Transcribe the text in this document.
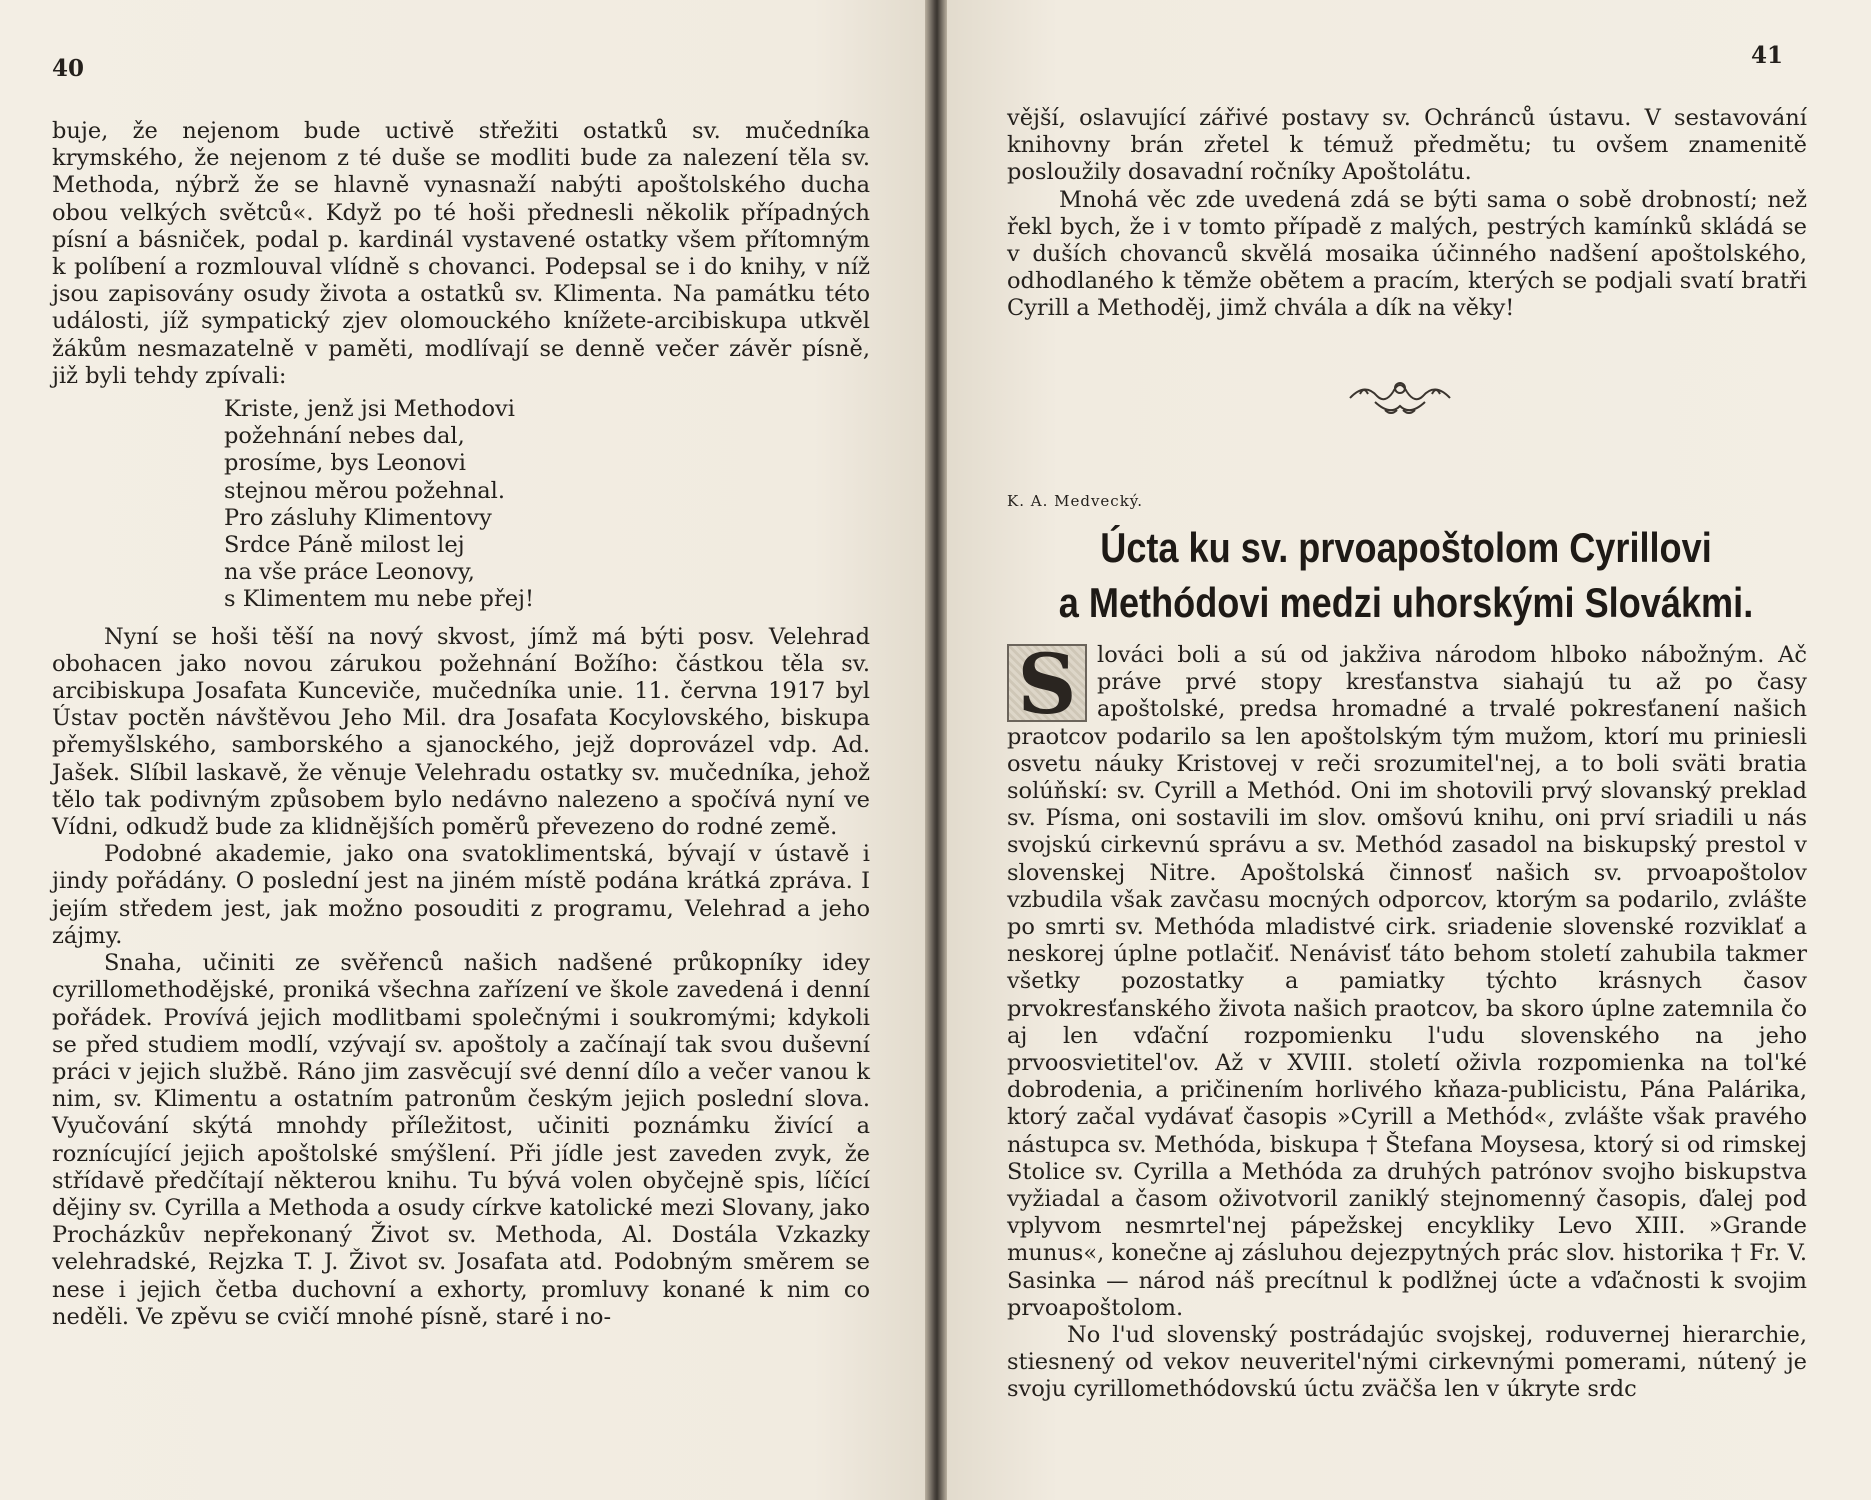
40

buje, že nejenom bude uctivě střežiti ostatků sv. mučedníka krymského, že nejenom z té duše se modliti bude za nalezení těla sv. Methoda, nýbrž že se hlavně vynasnaží nabýti apoštolského ducha obou velkých světců«. Když po té hoši přednesli několik případných písní a básniček, podal p. kardinál vystavené ostatky všem přítomným k políbení a rozmlouval vlídně s chovanci. Podepsal se i do knihy, v níž jsou zapisovány osudy života a ostatků sv. Klimenta. Na památku této události, jíž sympatický zjev olomouckého knížete-arcibiskupa utkvěl žákům nesmazatelně v paměti, modlívají se denně večer závěr písně, již byli tehdy zpívali:

Kriste, jenž jsi Methodovi
požehnání nebes dal,
prosíme, bys Leonovi
stejnou měrou požehnal.
Pro zásluhy Klimentovy
Srdce Páně milost lej
na vše práce Leonovy,
s Klimentem mu nebe přej!

Nyní se hoši těší na nový skvost, jímž má býti posv. Velehrad obohacen jako novou zárukou požehnání Božího: částkou těla sv. arcibiskupa Josafata Kunceviče, mučedníka unie. 11. června 1917 byl Ústav poctěn návštěvou Jeho Mil. dra Josafata Kocylovského, biskupa přemyšlského, samborského a sjanockého, jejž doprovázel vdp. Ad. Jašek. Slíbil laskavě, že věnuje Velehradu ostatky sv. mučedníka, jehož tělo tak podivným způsobem bylo nedávno nalezeno a spočívá nyní ve Vídni, odkudž bude za klidnějších poměrů převezeno do rodné země.

Podobné akademie, jako ona svatoklimentská, bývají v ústavě i jindy pořádány. O poslední jest na jiném místě podána krátká zpráva. I jejím středem jest, jak možno posouditi z programu, Velehrad a jeho zájmy.

Snaha, učiniti ze svěřenců našich nadšené průkopníky idey cyrillomethodějské, proniká všechna zařízení ve škole zavedená i denní pořádek. Provívá jejich modlitbami společnými i soukromými; kdykoli se před studiem modlí, vzývají sv. apoštoly a začínají tak svou duševní práci v jejich službě. Ráno jim zasvěcují své denní dílo a večer vanou k nim, sv. Klimentu a ostatním patronům českým jejich poslední slova. Vyučování skýtá mnohdy příležitost, učiniti poznámku živící a roznícující jejich apoštolské smýšlení. Při jídle jest zaveden zvyk, že střídavě předčítají některou knihu. Tu bývá volen obyčejně spis, líčící dějiny sv. Cyrilla a Methoda a osudy církve katolické mezi Slovany, jako Procházkův nepřekonaný Život sv. Methoda, Al. Dostála Vzkazky velehradské, Rejzka T. J. Život sv. Josafata atd. Podobným směrem se nese i jejich četba duchovní a exhorty, promluvy konané k nim co neděli. Ve zpěvu se cvičí mnohé písně, staré i no-

41

vější, oslavující zářivé postavy sv. Ochránců ústavu. V sestavování knihovny brán zřetel k témuž předmětu; tu ovšem znamenitě posloužily dosavadní ročníky Apoštolátu.

Mnohá věc zde uvedená zdá se býti sama o sobě drobností; než řekl bych, že i v tomto případě z malých, pestrých kamínků skládá se v duších chovanců skvělá mosaika účinného nadšení apoštolského, odhodlaného k těmže obětem a pracím, kterých se podjali svatí bratři Cyrill a Methoděj, jimž chvála a dík na věky!

K. A. Medvecký.
Úcta ku sv. prvoapoštolom Cyrillovi
a Methódovi medzi uhorskými Slovákmi.
S lováci boli a sú od jakživa národom hlboko nábožným. Ač práve prvé stopy kresťanstva siahajú tu až po časy apoštolské, predsa hromadné a trvalé pokresťanení našich praotcov podarilo sa len apoštolským tým mužom, ktorí mu priniesli osvetu náuky Kristovej v reči srozumitel'nej, a to boli sväti bratia solúňskí: sv. Cyrill a Methód. Oni im shotovili prvý slovanský preklad sv. Písma, oni sostavili im slov. omšovú knihu, oni prví sriadili u nás svojskú cirkevnú správu a sv. Methód zasadol na biskupský prestol v slovenskej Nitre. Apoštolská činnosť našich sv. prvoapoštolov vzbudila však zavčasu mocných odporcov, ktorým sa podarilo, zvlášte po smrti sv. Methóda mladistvé cirk. sriadenie slovenské rozviklať a neskorej úplne potlačiť. Nenávisť táto behom století zahubila takmer všetky pozostatky a pamiatky týchto krásnych časov prvokresťanského života našich praotcov, ba skoro úplne zatemnila čo aj len vďační rozpomienku l'udu slovenského na jeho prvoosvietitel'ov. Až v XVIII. století oživla rozpomienka na tol'ké dobrodenia, a pričinením horlivého kňaza-publicistu, Pána Palárika, ktorý začal vydávať časopis »Cyrill a Methód«, zvlášte však pravého nástupca sv. Methóda, biskupa † Štefana Moysesa, ktorý si od rimskej Stolice sv. Cyrilla a Methóda za druhých patrónov svojho biskupstva vyžiadal a časom oživotvoril zaniklý stejnomenný časopis, ďalej pod vplyvom nesmrtel'nej pápežskej encykliky Levo XIII. »Grande munus«, konečne aj zásluhou dejezpytných prác slov. historika † Fr. V. Sasinka — národ náš precítnul k podlžnej úcte a vďačnosti k svojim prvoapoštolom.

No l'ud slovenský postrádajúc svojskej, roduvernej hierarchie, stiesnený od vekov neuveritel'nými cirkevnými pomerami, nútený je svoju cyrillomethódovskú úctu zväčša len v úkryte srdc
